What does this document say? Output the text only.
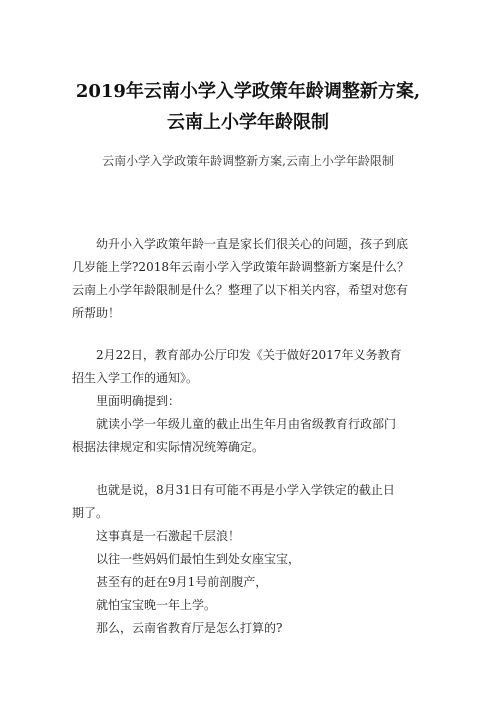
2019年云南小学入学政策年龄调整新方案,
云南上小学年龄限制
云南小学入学政策年龄调整新方案,云南上小学年龄限制
幼升小入学政策年龄一直是家长们很关心的问题，孩子到底
几岁能上学?2018年云南小学入学政策年龄调整新方案是什么？
云南上小学年龄限制是什么？整理了以下相关内容，希望对您有
所帮助！
2月22日，教育部办公厅印发《关于做好2017年义务教育
招生入学工作的通知》。
里面明确提到：
就读小学一年级儿童的截止出生年月由省级教育行政部门
根据法律规定和实际情况统筹确定。
也就是说，8月31日有可能不再是小学入学铁定的截止日
期了。
这事真是一石激起千层浪！
以往一些妈妈们最怕生到处女座宝宝，
甚至有的赶在9月1号前剖腹产，
就怕宝宝晚一年上学。
那么，云南省教育厅是怎么打算的?
